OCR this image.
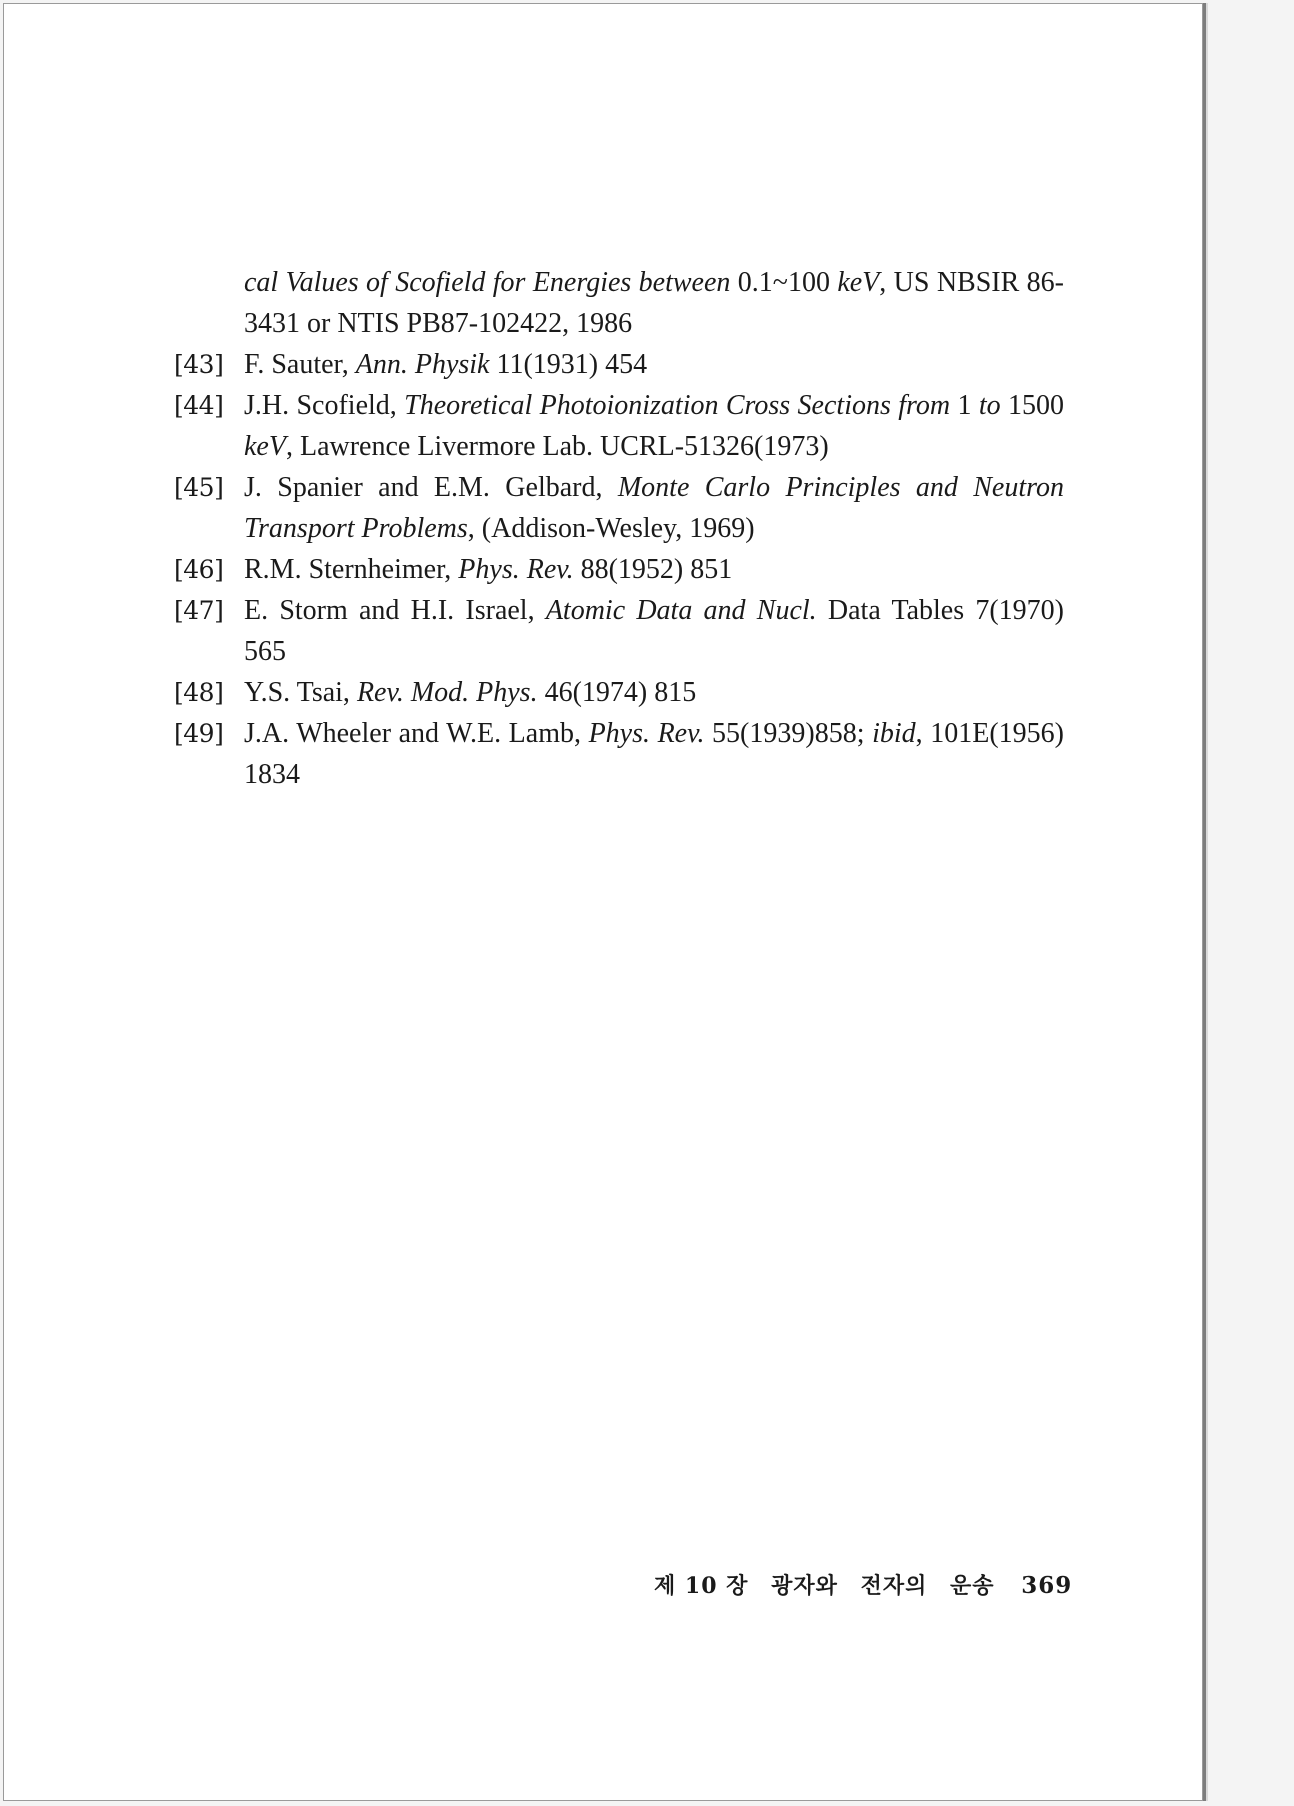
cal Values of Scofield for Energies between 0.1~100 keV, US NBSIR 86-3431 or NTIS PB87-102422, 1986
[43] F. Sauter, Ann. Physik 11(1931) 454
[44] J.H. Scofield, Theoretical Photoionization Cross Sections from 1 to 1500 keV, Lawrence Livermore Lab. UCRL-51326(1973)
[45] J. Spanier and E.M. Gelbard, Monte Carlo Principles and Neutron Transport Problems, (Addison-Wesley, 1969)
[46] R.M. Sternheimer, Phys. Rev. 88(1952) 851
[47] E. Storm and H.I. Israel, Atomic Data and Nucl. Data Tables 7(1970) 565
[48] Y.S. Tsai, Rev. Mod. Phys. 46(1974) 815
[49] J.A. Wheeler and W.E. Lamb, Phys. Rev. 55(1939)858; ibid, 101E(1956) 1834
제 10 장 광자와 전자의 운송 369
